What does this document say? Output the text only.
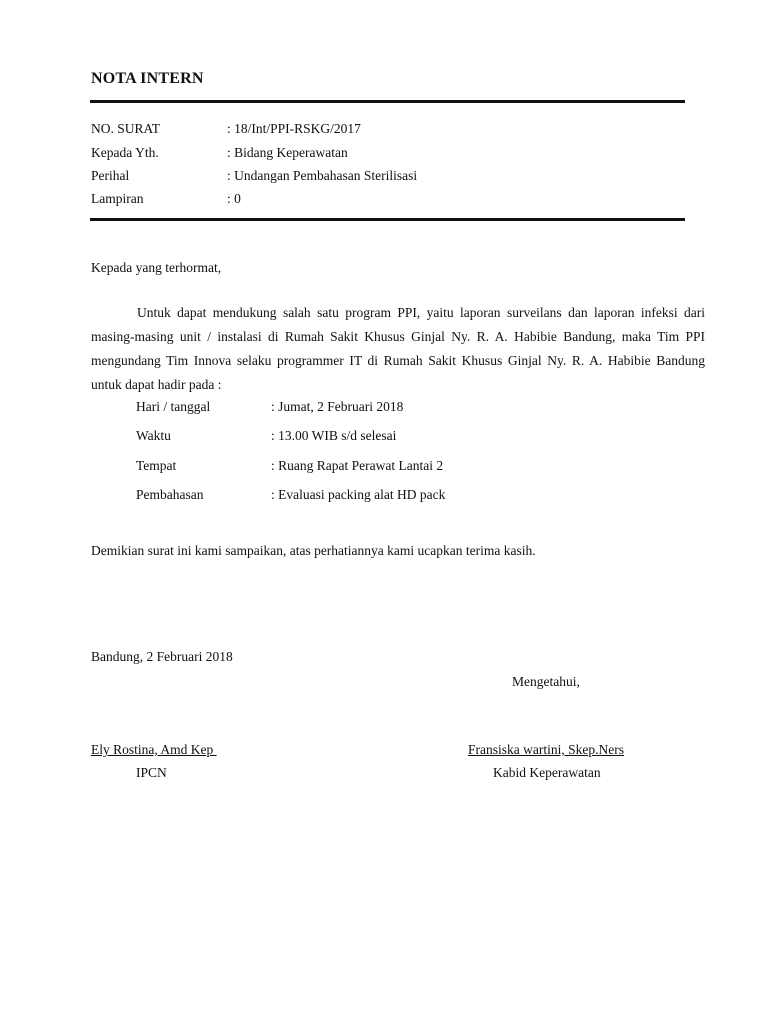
NOTA INTERN
NO. SURAT	: 18/Int/PPI-RSKG/2017
Kepada Yth.	: Bidang Keperawatan
Perihal	: Undangan Pembahasan Sterilisasi
Lampiran	: 0
Kepada yang terhormat,
Untuk dapat mendukung salah satu program PPI, yaitu laporan surveilans dan laporan infeksi dari masing-masing unit / instalasi di Rumah Sakit Khusus Ginjal Ny. R. A. Habibie Bandung, maka Tim PPI mengundang Tim Innova selaku programmer IT di Rumah Sakit Khusus Ginjal Ny. R. A. Habibie Bandung untuk dapat hadir pada :
Hari / tanggal	: Jumat, 2 Februari 2018
Waktu	: 13.00 WIB s/d selesai
Tempat	: Ruang Rapat Perawat Lantai 2
Pembahasan	: Evaluasi packing alat HD pack
Demikian surat ini kami sampaikan, atas perhatiannya kami ucapkan terima kasih.
Bandung, 2 Februari 2018
Mengetahui,
Ely Rostina, Amd Kep
IPCN
Fransiska wartini, Skep.Ners
Kabid Keperawatan
